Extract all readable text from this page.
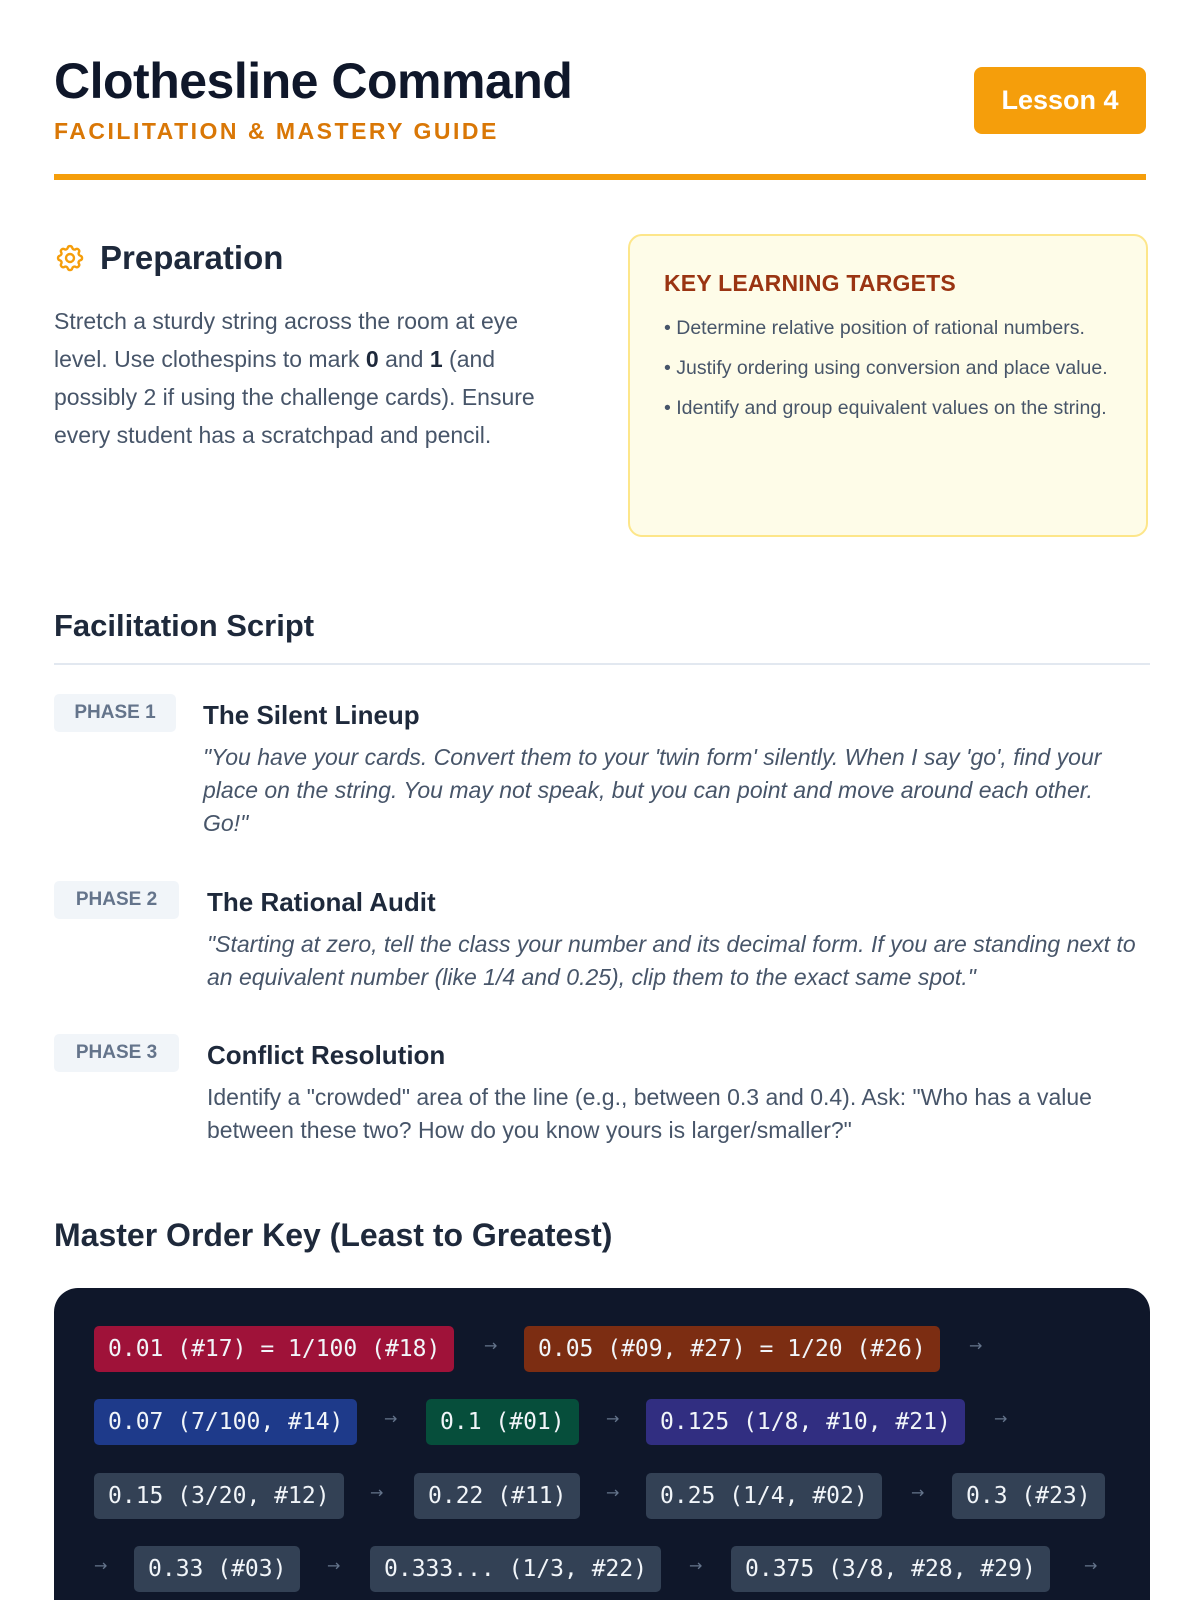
Clothesline Command
FACILITATION & MASTERY GUIDE
Lesson 4
Preparation

Stretch a sturdy string across the room at eye level. Use clothespins to mark 0 and 1 (and possibly 2 if using the challenge cards). Ensure every student has a scratchpad and pencil.

KEY LEARNING TARGETS
• Determine relative position of rational numbers.
• Justify ordering using conversion and place value.
• Identify and group equivalent values on the string.
Facilitation Script
PHASE 1	The Silent Lineup
"You have your cards. Convert them to your 'twin form' silently. When I say 'go', find your place on the string. You may not speak, but you can point and move around each other. Go!"
PHASE 2	The Rational Audit
"Starting at zero, tell the class your number and its decimal form. If you are standing next to an equivalent number (like 1/4 and 0.25), clip them to the exact same spot."
PHASE 3	Conflict Resolution
Identify a "crowded" area of the line (e.g., between 0.3 and 0.4). Ask: "Who has a value between these two? How do you know yours is larger/smaller?"
Master Order Key (Least to Greatest)
0.01 (#17) = 1/100 (#18)	→	0.05 (#09, #27) = 1/20 (#26)	→
0.07 (7/100, #14)	→	0.1 (#01)	→	0.125 (1/8, #10, #21)	→
0.15 (3/20, #12)	→	0.22 (#11)	→	0.25 (1/4, #02)	→	0.3 (#23)
→	0.33 (#03)	→	0.333... (1/3, #22)	→	0.375 (3/8, #28, #29)	→
